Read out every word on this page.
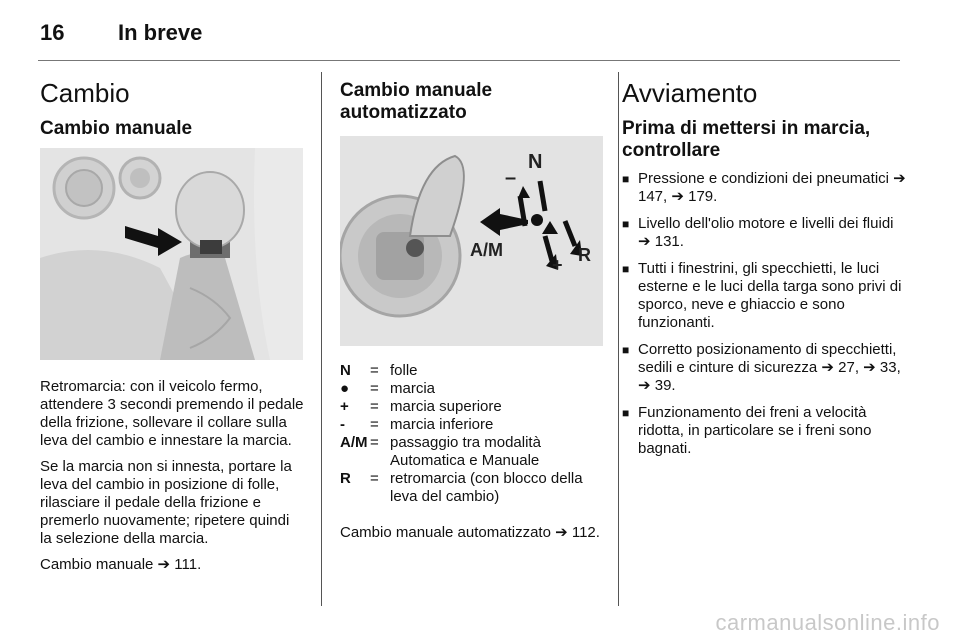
16	In breve
Cambio
Cambio manuale

Retromarcia: con il veicolo fermo, attendere 3 secondi premendo il pedale della frizione, sollevare il collare sulla leva del cambio e innestare la marcia.

Se la marcia non si innesta, portare la leva del cambio in posizione di folle, rilasciare il pedale della frizione e premerlo nuovamente; ripetere quindi la selezione della marcia.

Cambio manuale ➔ 111.

Cambio manuale automatizzato
N
–
A/M
+ R
N	= folle
●	= marcia
+	= marcia superiore
-	= marcia inferiore
A/M = passaggio tra modalità Automatica e Manuale
R	= retromarcia (con blocco della leva del cambio)

Cambio manuale automatizzato ➔ 112.

Avviamento
Prima di mettersi in marcia, controllare
■ Pressione e condizioni dei pneumatici ➔ 147, ➔ 179.
■ Livello dell'olio motore e livelli dei fluidi ➔ 131.
■ Tutti i finestrini, gli specchietti, le luci esterne e le luci della targa sono privi di sporco, neve e ghiaccio e sono funzionanti.
■ Corretto posizionamento di specchietti, sedili e cinture di sicurezza ➔ 27, ➔ 33, ➔ 39.
■ Funzionamento dei freni a velocità ridotta, in particolare se i freni sono bagnati.
carmanualsonline.info
